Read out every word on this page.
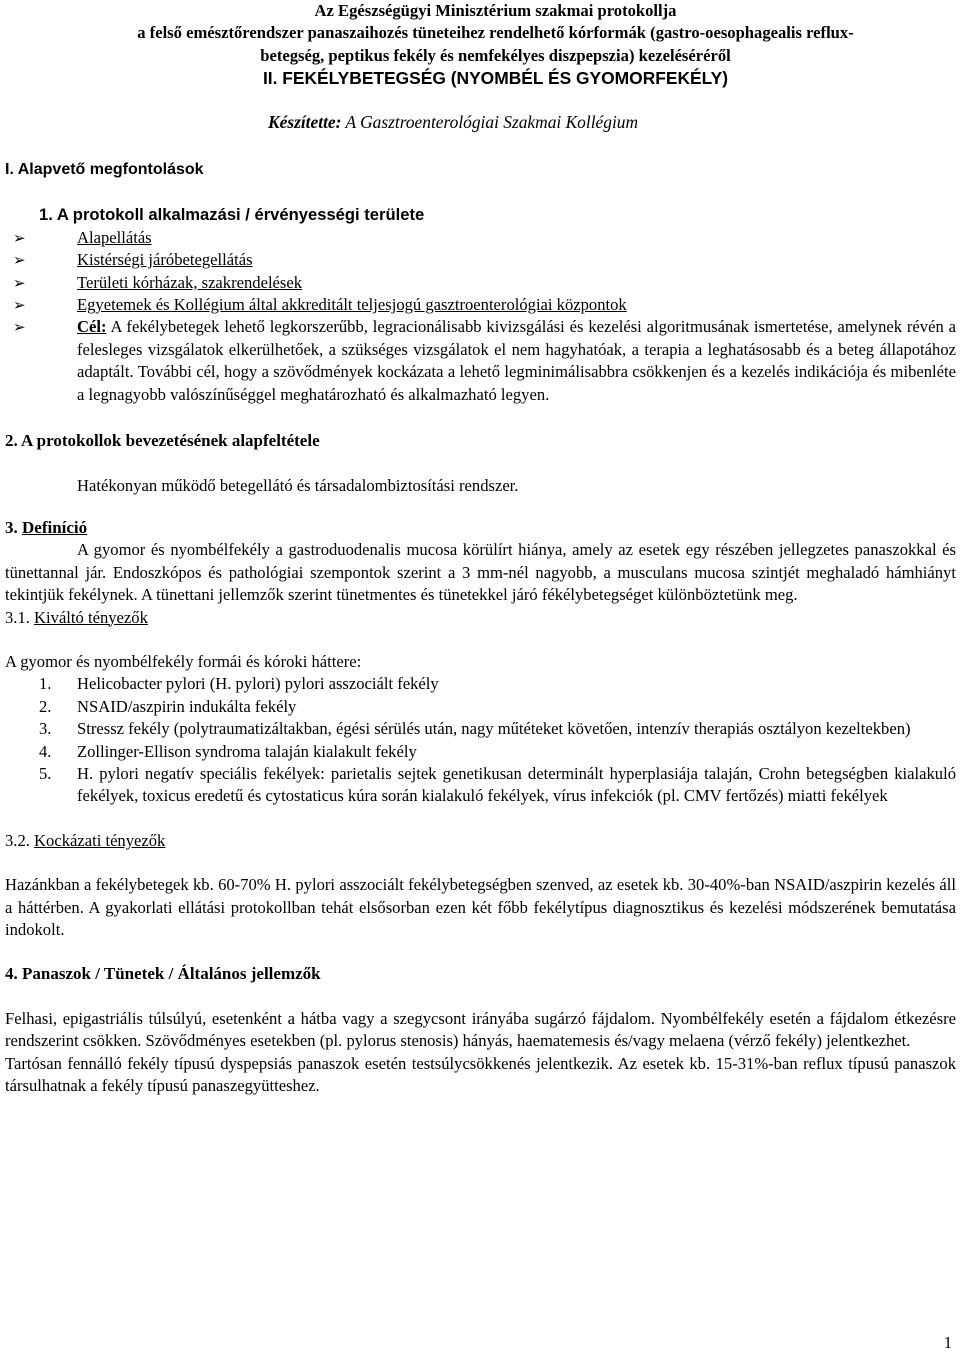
Az Egészségügyi Minisztérium szakmai protokollja
a felső emésztőrendszer panaszaihozés tüneteihez rendelhető kórformák (gastro-oesophagealis reflux-
betegség, peptikus fekély és nemfekélyes diszpepszia) kezeléséréről
II. FEKÉLYBETEGSÉG (NYOMBÉL ÉS GYOMORFEKÉLY)
Készítette: A Gasztroenterológiai Szakmai Kollégium
I. Alapvető megfontolások
1. A protokoll alkalmazási / érvényességi területe
➢	Alapellátás
➢	Kistérségi járóbetegellátás
➢	Területi kórházak, szakrendelések
➢	Egyetemek és Kollégium által akkreditált teljesjogú gasztroenterológiai központok
➢	Cél: A fekélybetegek lehető legkorszerűbb, legracionálisabb kivizsgálási és kezelési algoritmusának ismertetése, amelynek révén a felesleges vizsgálatok elkerülhetőek, a szükséges vizsgálatok el nem hagyhatóak, a terapia a leghatásosabb és a beteg állapotához adaptált. További cél, hogy a szövődmények kockázata a lehető legminimálisabbra csökkenjen és a kezelés indikációja és mibenléte a legnagyobb valószínűséggel meghatározható és alkalmazható legyen.
2. A protokollok bevezetésének alapfeltétele
Hatékonyan működő betegellátó és társadalombiztosítási rendszer.
3. Definíció
A gyomor és nyombélfekély a gastroduodenalis mucosa körülírt hiánya, amely az esetek egy részében jellegzetes panaszokkal és tünettannal jár. Endoszkópos és pathológiai szempontok szerint a 3 mm-nél nagyobb, a musculans mucosa szintjét meghaladó hámhiányt tekintjük fekélynek. A tünettani jellemzők szerint tünetmentes és tünetekkel járó fékélybetegséget különböztetünk meg.
3.1. Kiváltó tényezők
A gyomor és nyombélfekély formái és kóroki háttere:
1. Helicobacter pylori (H. pylori) pylori asszociált fekély
2. NSAID/aszpirin indukálta fekély
3. Stressz fekély (polytraumatizáltakban, égési sérülés után, nagy műtéteket követően, intenzív therapiás osztályon kezeltekben)
4. Zollinger-Ellison syndroma talaján kialakult fekély
5. H. pylori negatív speciális fekélyek: parietalis sejtek genetikusan determinált hyperplasiája talaján, Crohn betegségben kialakuló fekélyek, toxicus eredetű és cytostaticus kúra során kialakuló fekélyek, vírus infekciók (pl. CMV fertőzés) miatti fekélyek
3.2. Kockázati tényezők
Hazánkban a fekélybetegek kb. 60-70% H. pylori asszociált fekélybetegségben szenved, az esetek kb. 30-40%-ban NSAID/aszpirin kezelés áll a háttérben. A gyakorlati ellátási protokollban tehát elsősorban ezen két főbb fekélytípus diagnosztikus és kezelési módszerének bemutatása indokolt.
4. Panaszok / Tünetek / Általános jellemzők
Felhasi, epigastriális túlsúlyú, esetenként a hátba vagy a szegycsont irányába sugárzó fájdalom. Nyombélfekély esetén a fájdalom étkezésre rendszerint csökken. Szövődményes esetekben (pl. pylorus stenosis) hányás, haematemesis és/vagy melaena (vérző fekély) jelentkezhet.
Tartósan fennálló fekély típusú dyspepsiás panaszok esetén testsúlycsökkenés jelentkezik. Az esetek kb. 15-31%-ban reflux típusú panaszok társulhatnak a fekély típusú panaszegyütteshez.
1
